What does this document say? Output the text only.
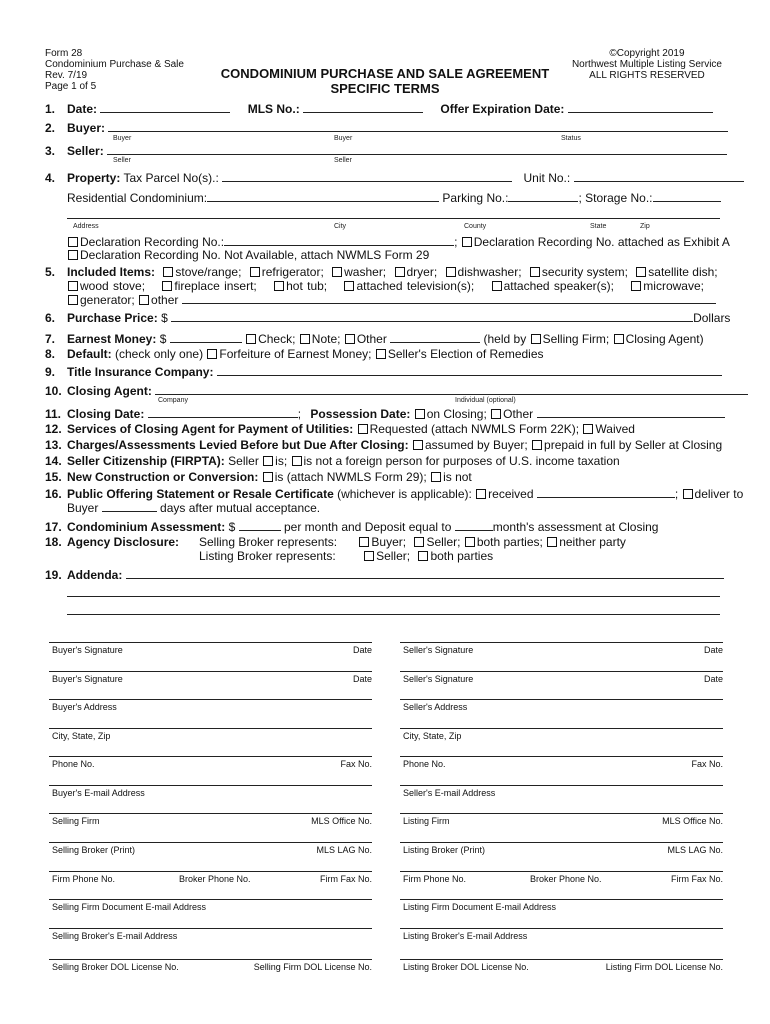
Form 28
Condominium Purchase & Sale
Rev. 7/19
Page 1 of 5
©Copyright 2019
Northwest Multiple Listing Service
ALL RIGHTS RESERVED
CONDOMINIUM PURCHASE AND SALE AGREEMENT
SPECIFIC TERMS
1. Date:	MLS No.:	Offer Expiration Date:
2. Buyer:
Buyer	Buyer	Status
3. Seller:
Seller	Seller
4. Property: Tax Parcel No(s).:	Unit No.:
Residential Condominium:	Parking No.:	; Storage No.:
Address	City	County	State	Zip
Declaration Recording No.:	; Declaration Recording No. attached as Exhibit A
Declaration Recording No. Not Available, attach NWMLS Form 29
5. Included Items: stove/range; refrigerator; washer; dryer; dishwasher; security system; satellite dish;
wood stove; fireplace insert; hot tub; attached television(s); attached speaker(s); microwave;
generator; other
6. Purchase Price: $	Dollars
7. Earnest Money: $	Check; Note; Other	(held by Selling Firm; Closing Agent)
8. Default: (check only one) Forfeiture of Earnest Money; Seller's Election of Remedies
9. Title Insurance Company:
10. Closing Agent:
Company	Individual (optional)
11. Closing Date:	; Possession Date: on Closing; Other
12. Services of Closing Agent for Payment of Utilities: Requested (attach NWMLS Form 22K); Waived
13. Charges/Assessments Levied Before but Due After Closing: assumed by Buyer; prepaid in full by Seller at Closing
14. Seller Citizenship (FIRPTA): Seller is; is not a foreign person for purposes of U.S. income taxation
15. New Construction or Conversion: is (attach NWMLS Form 29); is not
16. Public Offering Statement or Resale Certificate (whichever is applicable): received	; deliver to
Buyer	days after mutual acceptance.
17. Condominium Assessment: $	per month and Deposit equal to	month's assessment at Closing
18. Agency Disclosure: Selling Broker represents:	Buyer; Seller; both parties; neither party
Listing Broker represents:	Seller; both parties
19. Addenda:
Buyer's Signature	Date
Buyer's Signature	Date
Buyer's Address
City, State, Zip
Phone No.	Fax No.
Buyer's E-mail Address
Selling Firm	MLS Office No.
Selling Broker (Print)	MLS LAG No.
Firm Phone No.	Broker Phone No.	Firm Fax No.
Selling Firm Document E-mail Address
Selling Broker's E-mail Address
Selling Broker DOL License No.	Selling Firm DOL License No.
Seller's Signature	Date
Seller's Signature	Date
Seller's Address
City, State, Zip
Phone No.	Fax No.
Seller's E-mail Address
Listing Firm	MLS Office No.
Listing Broker (Print)	MLS LAG No.
Firm Phone No.	Broker Phone No.	Firm Fax No.
Listing Firm Document E-mail Address
Listing Broker's E-mail Address
Listing Broker DOL License No.	Listing Firm DOL License No.
